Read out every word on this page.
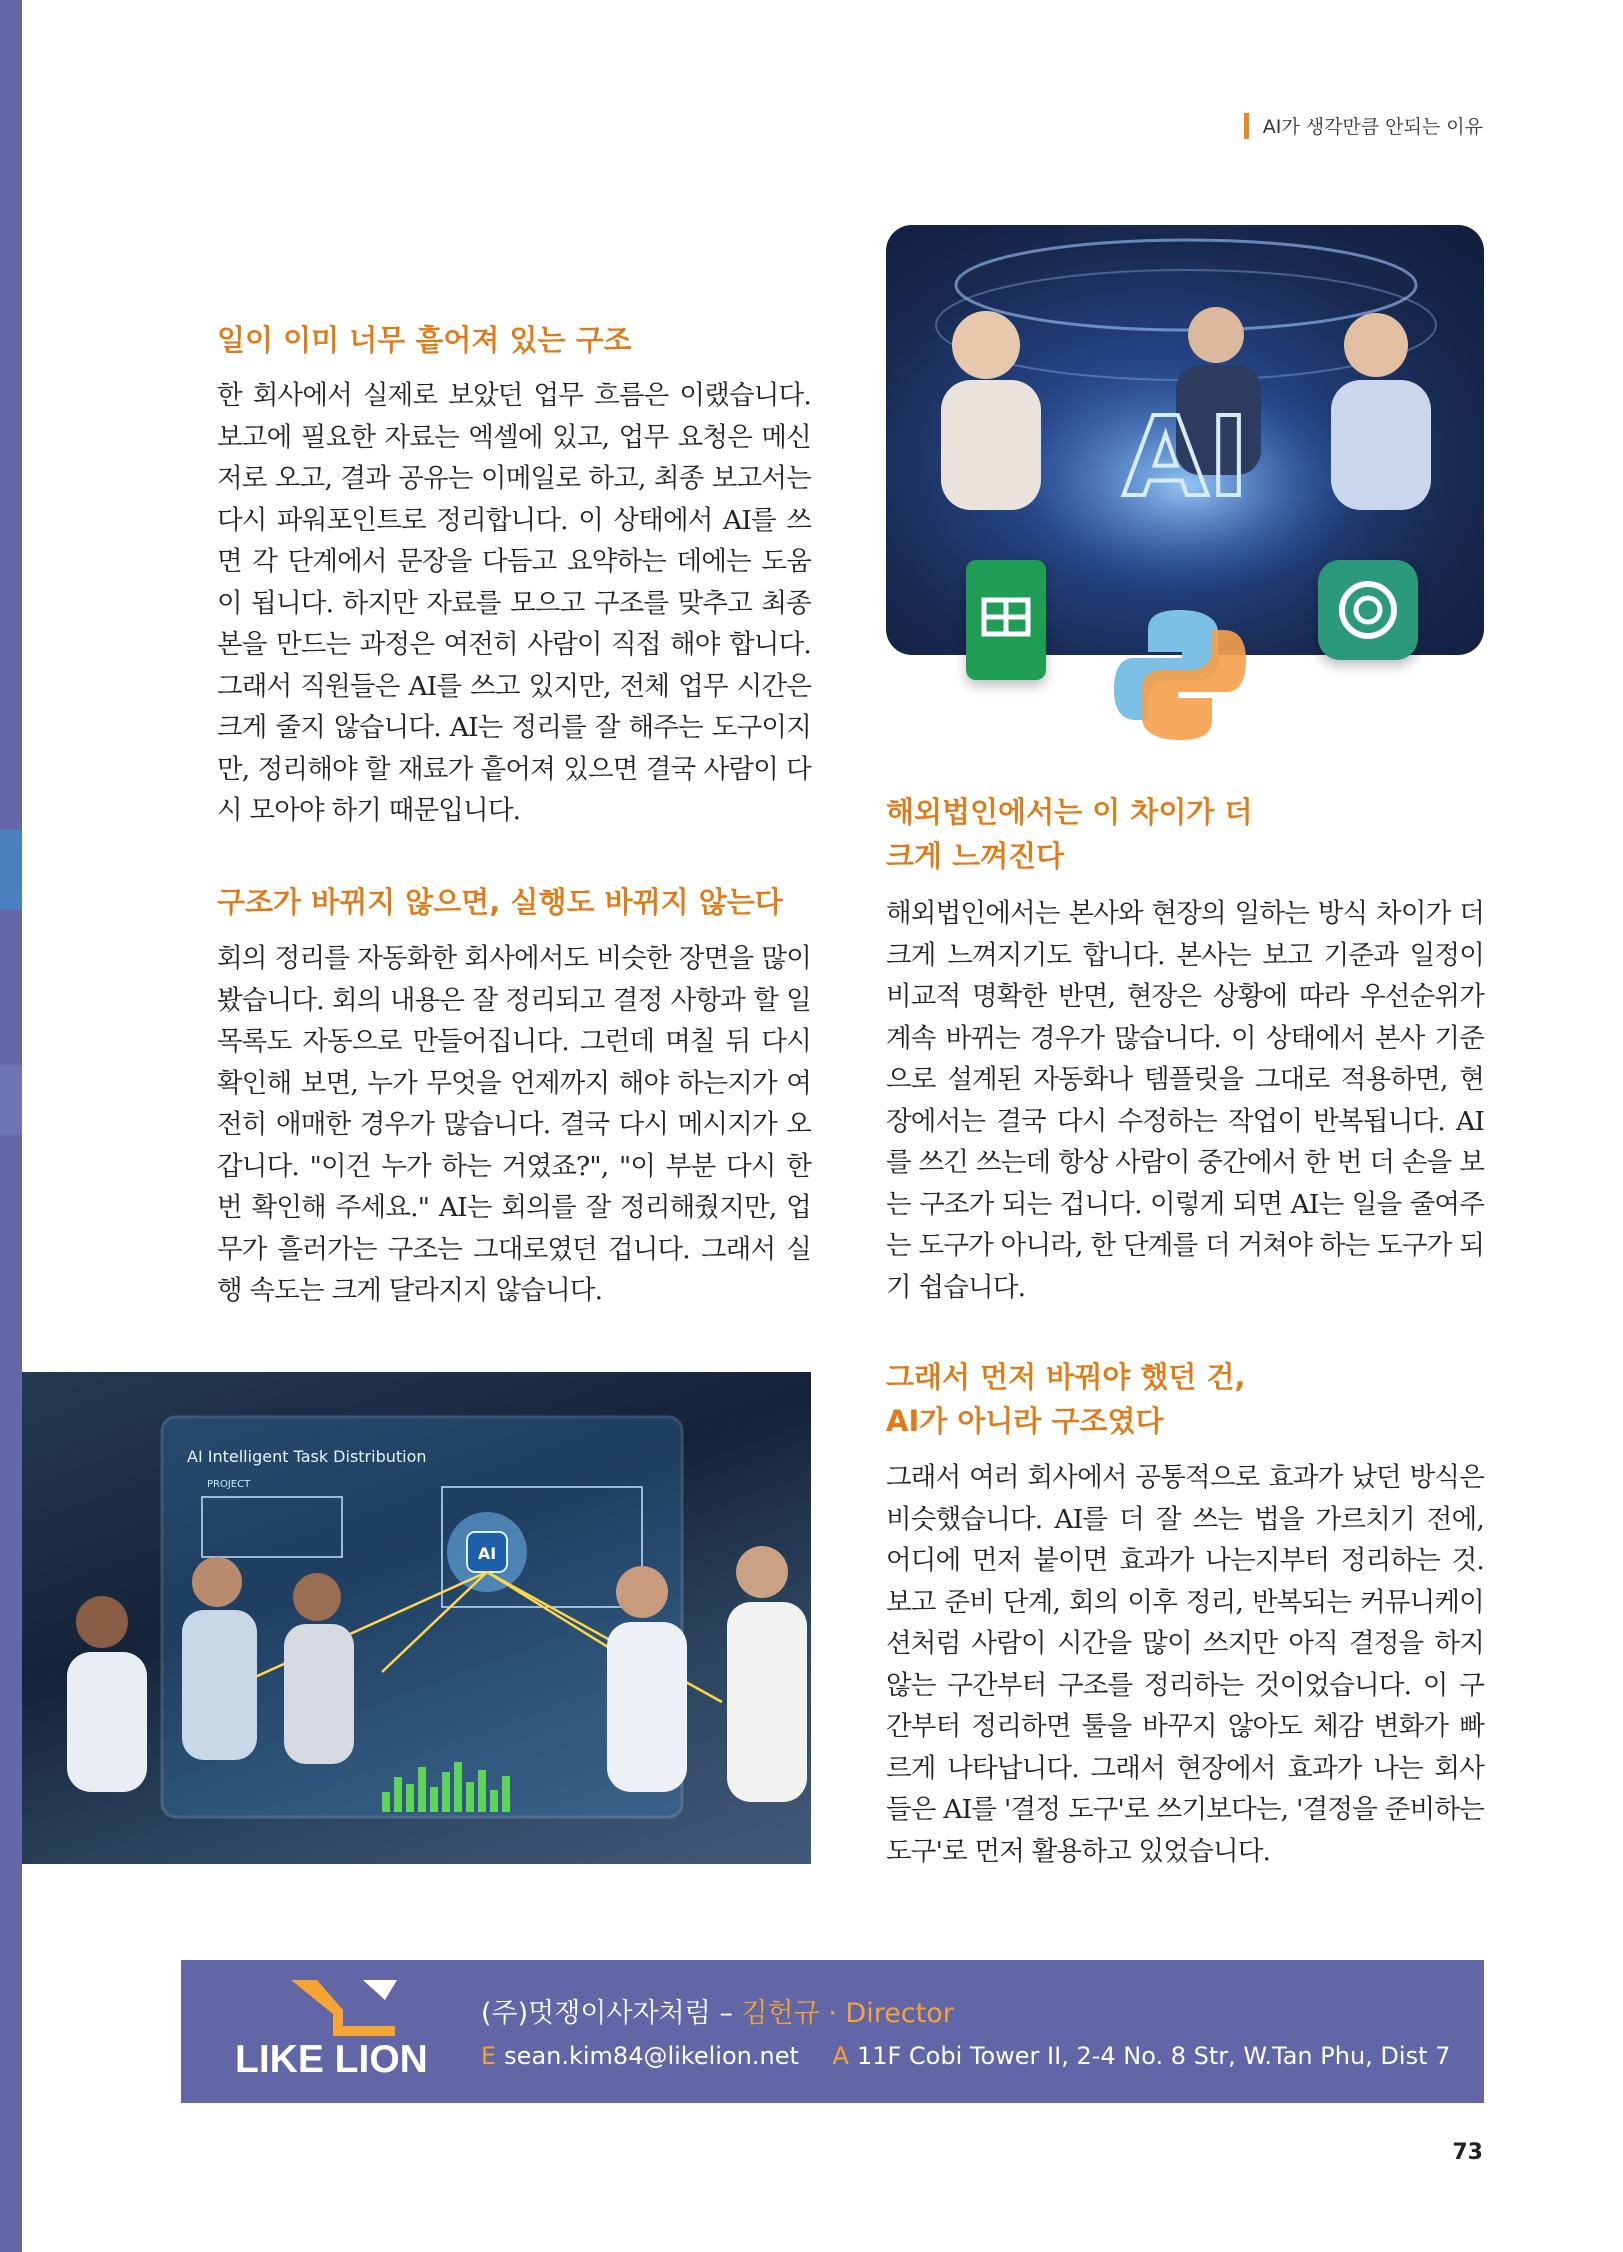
AI가 생각만큼 안되는 이유
일이 이미 너무 흩어져 있는 구조

한 회사에서 실제로 보았던 업무 흐름은 이랬습니다. 보고에 필요한 자료는 엑셀에 있고, 업무 요청은 메신저로 오고, 결과 공유는 이메일로 하고, 최종 보고서는 다시 파워포인트로 정리합니다. 이 상태에서 AI를 쓰면 각 단계에서 문장을 다듬고 요약하는 데에는 도움이 됩니다. 하지만 자료를 모으고 구조를 맞추고 최종본을 만드는 과정은 여전히 사람이 직접 해야 합니다. 그래서 직원들은 AI를 쓰고 있지만, 전체 업무 시간은 크게 줄지 않습니다. AI는 정리를 잘 해주는 도구이지만, 정리해야 할 재료가 흩어져 있으면 결국 사람이 다시 모아야 하기 때문입니다.

구조가 바뀌지 않으면, 실행도 바뀌지 않는다

회의 정리를 자동화한 회사에서도 비슷한 장면을 많이 봤습니다. 회의 내용은 잘 정리되고 결정 사항과 할 일 목록도 자동으로 만들어집니다. 그런데 며칠 뒤 다시 확인해 보면, 누가 무엇을 언제까지 해야 하는지가 여전히 애매한 경우가 많습니다. 결국 다시 메시지가 오갑니다. "이건 누가 하는 거였죠?", "이 부분 다시 한 번 확인해 주세요." AI는 회의를 잘 정리해줬지만, 업무가 흘러가는 구조는 그대로였던 겁니다. 그래서 실행 속도는 크게 달라지지 않습니다.

AI
해외법인에서는 이 차이가 더
크게 느껴진다

해외법인에서는 본사와 현장의 일하는 방식 차이가 더 크게 느껴지기도 합니다. 본사는 보고 기준과 일정이 비교적 명확한 반면, 현장은 상황에 따라 우선순위가 계속 바뀌는 경우가 많습니다. 이 상태에서 본사 기준으로 설계된 자동화나 템플릿을 그대로 적용하면, 현장에서는 결국 다시 수정하는 작업이 반복됩니다. AI를 쓰긴 쓰는데 항상 사람이 중간에서 한 번 더 손을 보는 구조가 되는 겁니다. 이렇게 되면 AI는 일을 줄여주는 도구가 아니라, 한 단계를 더 거쳐야 하는 도구가 되기 쉽습니다.

그래서 먼저 바꿔야 했던 건,
AI가 아니라 구조였다

그래서 여러 회사에서 공통적으로 효과가 났던 방식은 비슷했습니다. AI를 더 잘 쓰는 법을 가르치기 전에, 어디에 먼저 붙이면 효과가 나는지부터 정리하는 것. 보고 준비 단계, 회의 이후 정리, 반복되는 커뮤니케이션처럼 사람이 시간을 많이 쓰지만 아직 결정을 하지 않는 구간부터 구조를 정리하는 것이었습니다. 이 구간부터 정리하면 툴을 바꾸지 않아도 체감 변화가 빠르게 나타납니다. 그래서 현장에서 효과가 나는 회사들은 AI를 '결정 도구'로 쓰기보다는, '결정을 준비하는 도구'로 먼저 활용하고 있었습니다.

AI Intelligent Task Distribution
PROJECT
AI
LIKE LION
(주)멋쟁이사자처럼 – 김헌규 · Director
E sean.kim84@likelion.net A 11F Cobi Tower II, 2-4 No. 8 Str, W.Tan Phu, Dist 7
73
